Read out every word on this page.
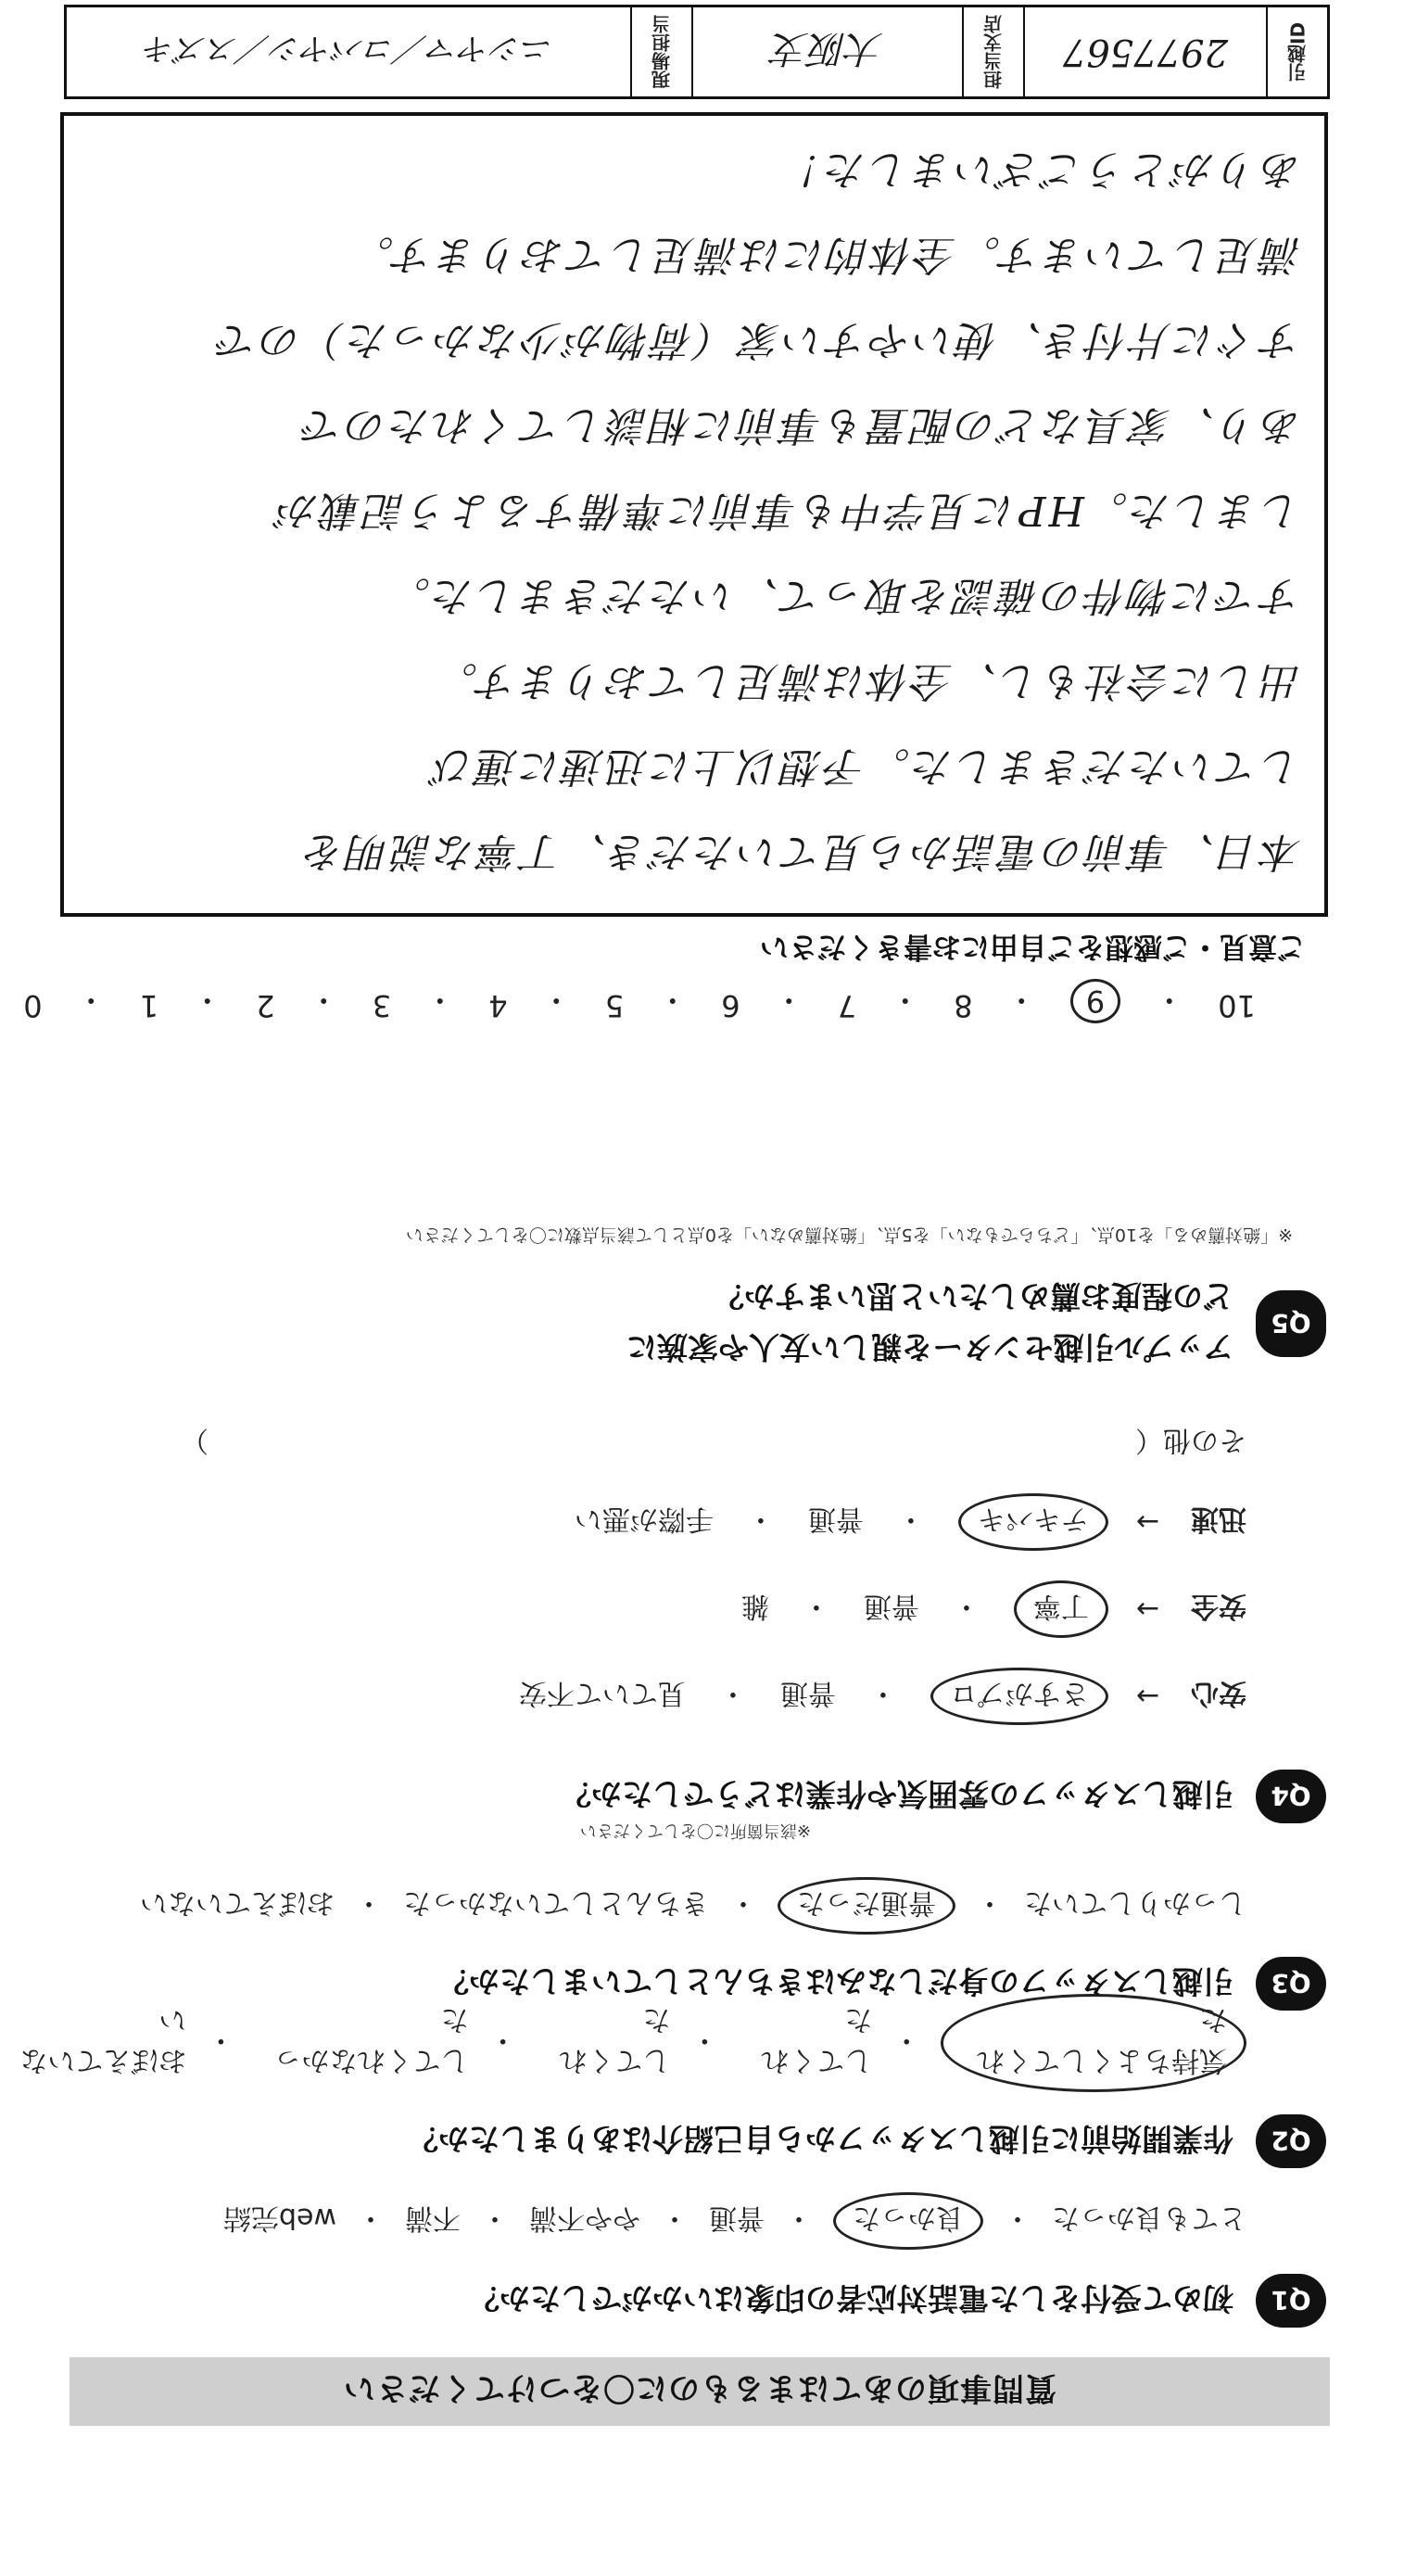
質問事項のあてはまるものに〇をつけてください
Q1
初めて受付をした電話対応者の印象はいかがでしたか？
とても良かった
・
良かった
・
普通
・
やや不満
・
不満
・
web完結
Q2
作業開始前に引越しスタッフから自己紹介はありましたか？
気持ちよくしてくれた
・
してくれた
・
してくれた
・
してくれなかった
・
おぼえていない
Q3
引越しスタッフの身だしなみはきちんとしていましたか？
しっかりしていた
・
普通だった
・
きちんとしていなかった
・
おぼえていない
Q4
引越しスタッフの雰囲気や作業はどうでしたか？
※該当箇所に〇をしてください
安心
→
さすがプロ
・
普通
・
見ていて不安
安全
→
丁寧
・
普通
・
雑
迅速
→
テキパキ
・
普通
・
手際が悪い
その他（
）
Q5
アップル引越センターを親しい友人や家族に
どの程度お薦めしたいと思いますか？
※「絶対薦める」を10点、「どちらでもない」を5点、「絶対薦めない」を0点として該当点数に〇をしてください
10
・
9
・
8
・
7
・
6
・
5
・
4
・
3
・
2
・
1
・
0
ご意見・ご感想をご自由にお書きください
本日、事前の電話から見ていただき、丁寧な説明を
していただきました。予想以上に迅速に運び
出しに会社もし、全体は満足しております。
すでに物件の確認を取って、いただきました。
しました。HPに見学中も事前に準備するよう記載が
あり、家具などの配置も事前に相談してくれたので
すぐに片付き、使いやすい家（荷物が少なかった）ので
満足しています。全体的には満足しております。
ありがとうございました！
引越ID
2977567
担当支店
大阪支
現場担当
ニシヤマ／コバヤシ／スズキ
